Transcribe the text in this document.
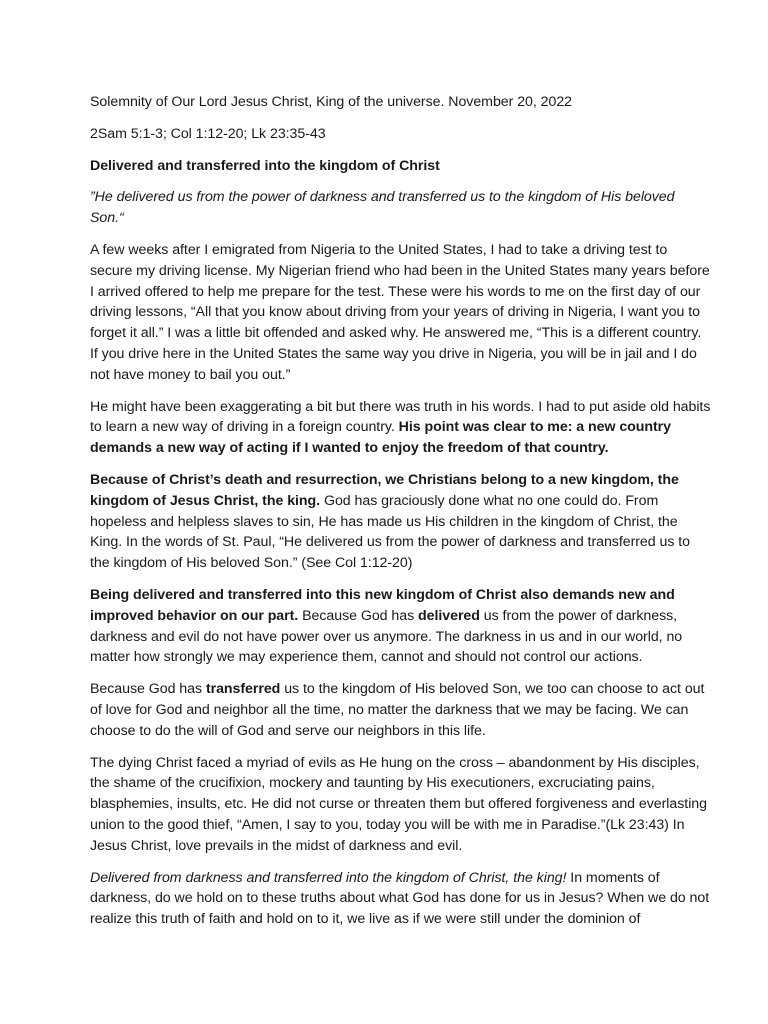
Solemnity of Our Lord Jesus Christ, King of the universe. November 20, 2022

2Sam 5:1-3; Col 1:12-20; Lk 23:35-43

Delivered and transferred into the kingdom of Christ

”He delivered us from the power of darkness and transferred us to the kingdom of His beloved Son.“

A few weeks after I emigrated from Nigeria to the United States, I had to take a driving test to secure my driving license. My Nigerian friend who had been in the United States many years before I arrived offered to help me prepare for the test. These were his words to me on the first day of our driving lessons, “All that you know about driving from your years of driving in Nigeria, I want you to forget it all.” I was a little bit offended and asked why. He answered me, “This is a different country. If you drive here in the United States the same way you drive in Nigeria, you will be in jail and I do not have money to bail you out.”

He might have been exaggerating a bit but there was truth in his words. I had to put aside old habits to learn a new way of driving in a foreign country. His point was clear to me: a new country demands a new way of acting if I wanted to enjoy the freedom of that country.

Because of Christ’s death and resurrection, we Christians belong to a new kingdom, the kingdom of Jesus Christ, the king. God has graciously done what no one could do. From hopeless and helpless slaves to sin, He has made us His children in the kingdom of Christ, the King. In the words of St. Paul, “He delivered us from the power of darkness and transferred us to the kingdom of His beloved Son.” (See Col 1:12-20)

Being delivered and transferred into this new kingdom of Christ also demands new and improved behavior on our part. Because God has delivered us from the power of darkness, darkness and evil do not have power over us anymore. The darkness in us and in our world, no matter how strongly we may experience them, cannot and should not control our actions.

Because God has transferred us to the kingdom of His beloved Son, we too can choose to act out of love for God and neighbor all the time, no matter the darkness that we may be facing. We can choose to do the will of God and serve our neighbors in this life.

The dying Christ faced a myriad of evils as He hung on the cross – abandonment by His disciples, the shame of the crucifixion, mockery and taunting by His executioners, excruciating pains, blasphemies, insults, etc. He did not curse or threaten them but offered forgiveness and everlasting union to the good thief, “Amen, I say to you, today you will be with me in Paradise.”(Lk 23:43) In Jesus Christ, love prevails in the midst of darkness and evil.

Delivered from darkness and transferred into the kingdom of Christ, the king! In moments of darkness, do we hold on to these truths about what God has done for us in Jesus? When we do not realize this truth of faith and hold on to it, we live as if we were still under the dominion of
